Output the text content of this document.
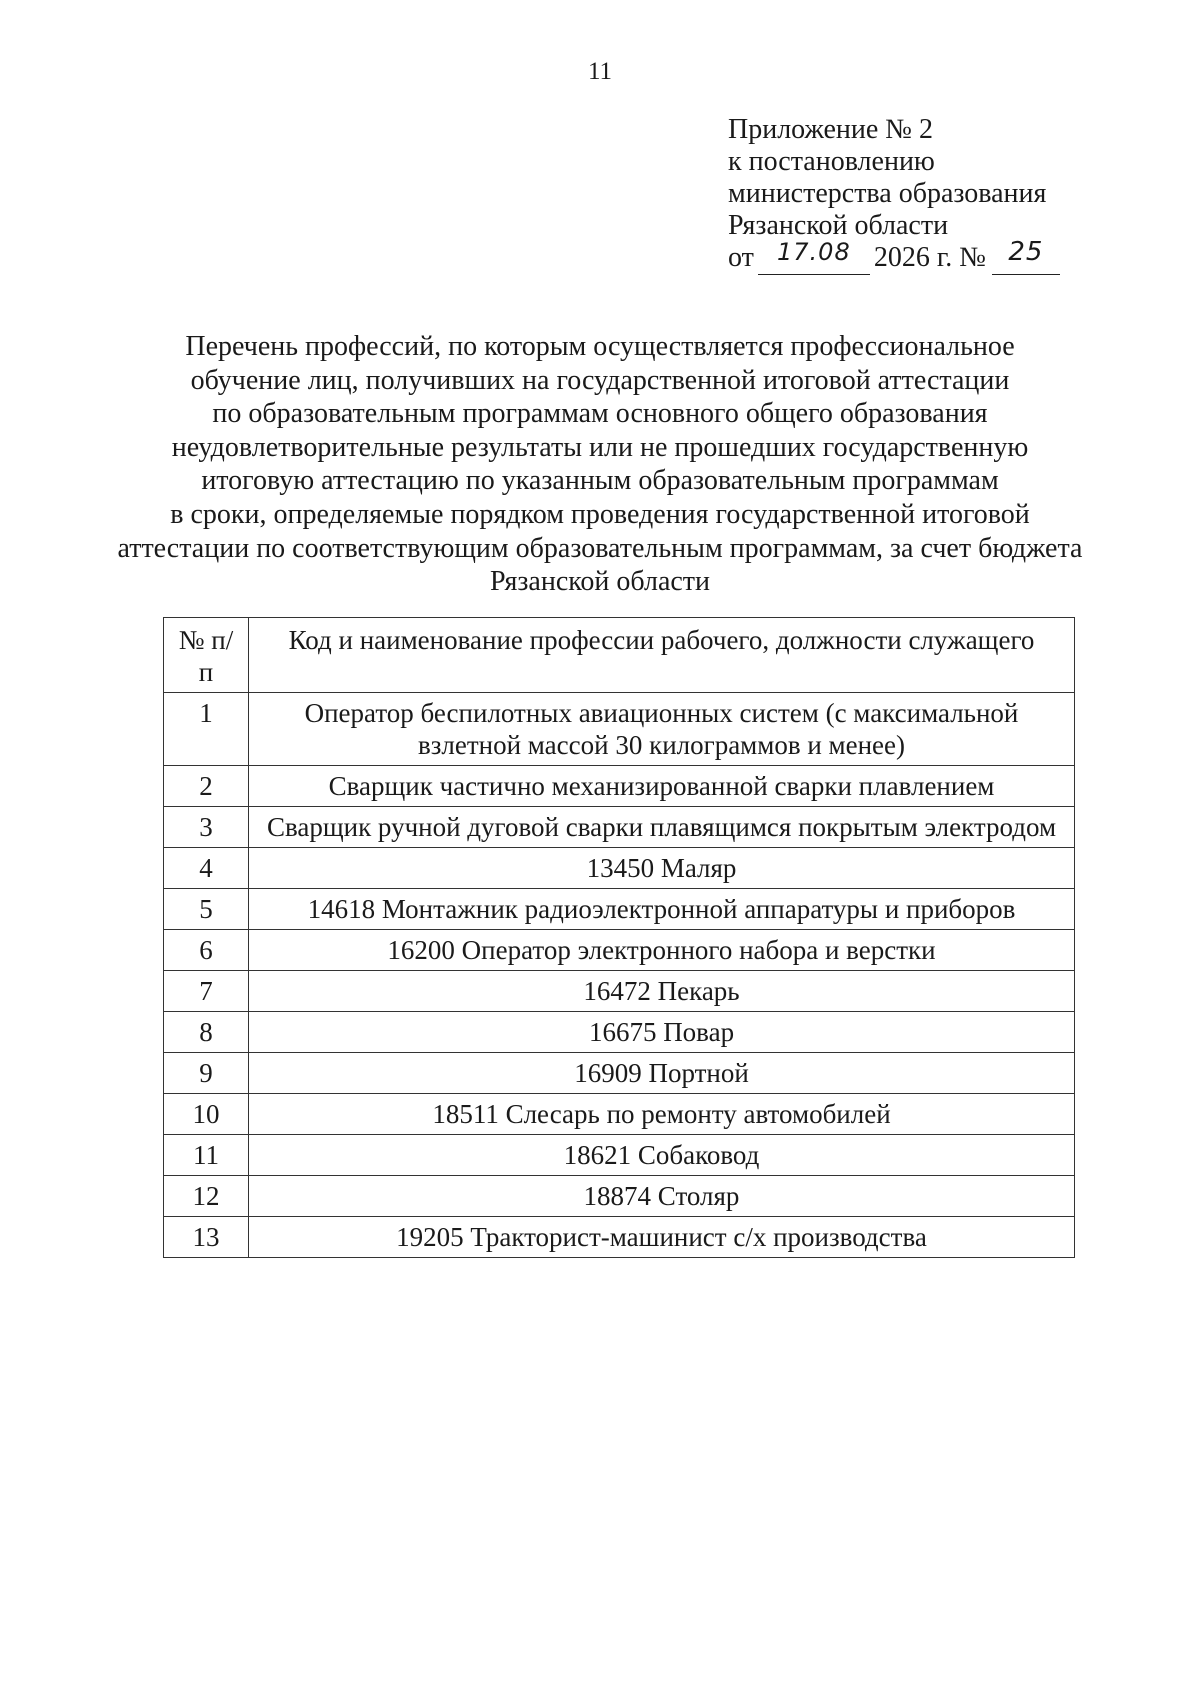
11
Приложение № 2
к постановлению
министерства образования
Рязанской области
от 17.08 2026 г. № 25
Перечень профессий, по которым осуществляется профессиональное
обучение лиц, получивших на государственной итоговой аттестации
по образовательным программам основного общего образования
неудовлетворительные результаты или не прошедших государственную
итоговую аттестацию по указанным образовательным программам
в сроки, определяемые порядком проведения государственной итоговой
аттестации по соответствующим образовательным программам, за счет бюджета
Рязанской области
№ п/п	Код и наименование профессии рабочего, должности служащего
1	Оператор беспилотных авиационных систем (с максимальной взлетной массой 30 килограммов и менее)
2	Сварщик частично механизированной сварки плавлением
3	Сварщик ручной дуговой сварки плавящимся покрытым электродом
4	13450 Маляр
5	14618 Монтажник радиоэлектронной аппаратуры и приборов
6	16200 Оператор электронного набора и верстки
7	16472 Пекарь
8	16675 Повар
9	16909 Портной
10	18511 Слесарь по ремонту автомобилей
11	18621 Собаковод
12	18874 Столяр
13	19205 Тракторист-машинист с/х производства
